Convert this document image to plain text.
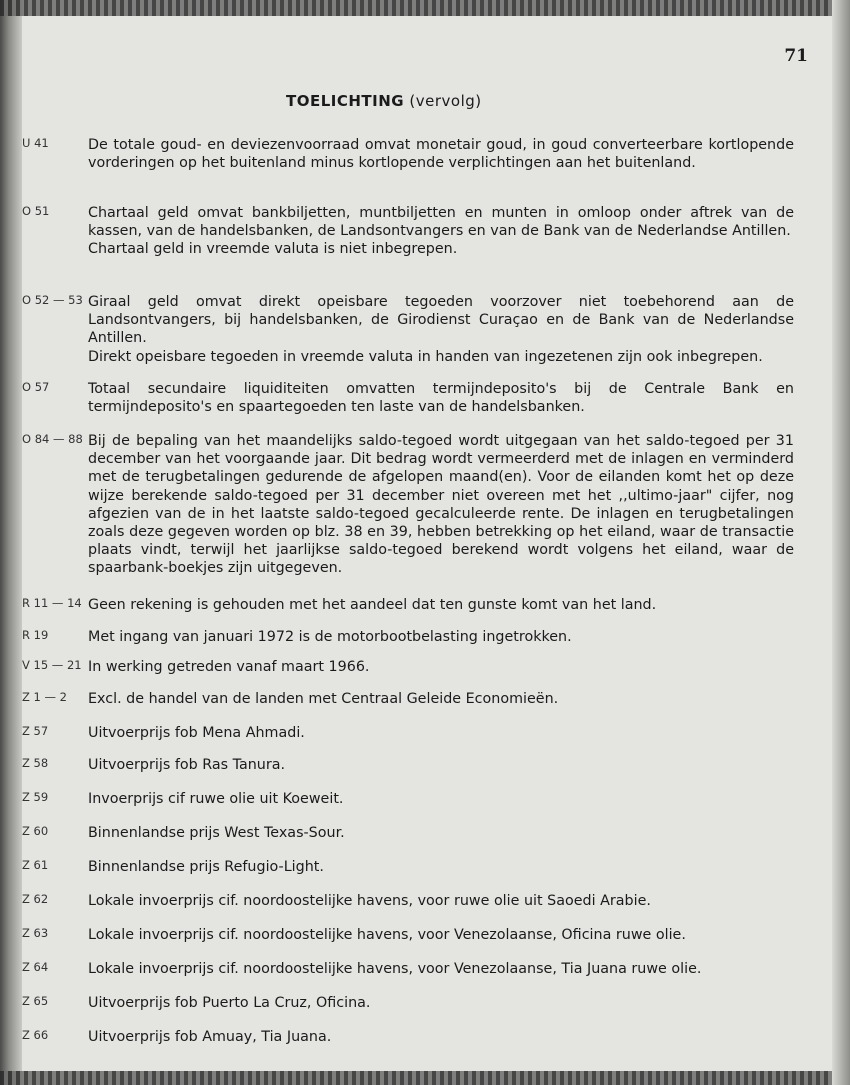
71
TOELICHTING (vervolg)
U 41	De totale goud- en deviezenvoorraad omvat monetair goud, in goud converteerbare kortlopende vorderingen op het buitenland minus kortlopende verplichtingen aan het buitenland.

O 51	Chartaal geld omvat bankbiljetten, muntbiljetten en munten in omloop onder aftrek van de kassen, van de handelsbanken, de Landsontvangers en van de Bank van de Nederlandse Antillen.

Chartaal geld in vreemde valuta is niet inbegrepen.

O 52 — 53 Giraal geld omvat direkt opeisbare tegoeden voorzover niet toebehorend aan de Landsontvangers, bij handelsbanken, de Girodienst Curaçao en de Bank van de Nederlandse Antillen.

Direkt opeisbare tegoeden in vreemde valuta in handen van ingezetenen zijn ook inbegrepen.

O 57	Totaal secundaire liquiditeiten omvatten termijndeposito's bij de Centrale Bank en termijndeposito's en spaartegoeden ten laste van de handelsbanken.

O 84 — 88 Bij de bepaling van het maandelijks saldo-tegoed wordt uitgegaan van het saldo-tegoed per 31 december van het voorgaande jaar. Dit bedrag wordt vermeerderd met de inlagen en verminderd met de terugbetalingen gedurende de afgelopen maand(en). Voor de eilanden komt het op deze wijze berekende saldo-tegoed per 31 december niet overeen met het ,,ultimo-jaar" cijfer, nog afgezien van de in het laatste saldo-tegoed gecalculeerde rente. De inlagen en terugbetalingen zoals deze gegeven worden op blz. 38 en 39, hebben betrekking op het eiland, waar de transactie plaats vindt, terwijl het jaarlijkse saldo-tegoed berekend wordt volgens het eiland, waar de spaarbank-boekjes zijn uitgegeven.

R 11 — 14 Geen rekening is gehouden met het aandeel dat ten gunste komt van het land.

R 19	Met ingang van januari 1972 is de motorbootbelasting ingetrokken.

V 15 — 21 In werking getreden vanaf maart 1966.

Z 1 — 2	Excl. de handel van de landen met Centraal Geleide Economieën.

Z 57	Uitvoerprijs fob Mena Ahmadi.

Z 58	Uitvoerprijs fob Ras Tanura.

Z 59	Invoerprijs cif ruwe olie uit Koeweit.

Z 60	Binnenlandse prijs West Texas-Sour.

Z 61	Binnenlandse prijs Refugio-Light.

Z 62	Lokale invoerprijs cif. noordoostelijke havens, voor ruwe olie uit Saoedi Arabie.

Z 63	Lokale invoerprijs cif. noordoostelijke havens, voor Venezolaanse, Oficina ruwe olie.

Z 64	Lokale invoerprijs cif. noordoostelijke havens, voor Venezolaanse, Tia Juana ruwe olie.

Z 65	Uitvoerprijs fob Puerto La Cruz, Oficina.

Z 66	Uitvoerprijs fob Amuay, Tia Juana.
